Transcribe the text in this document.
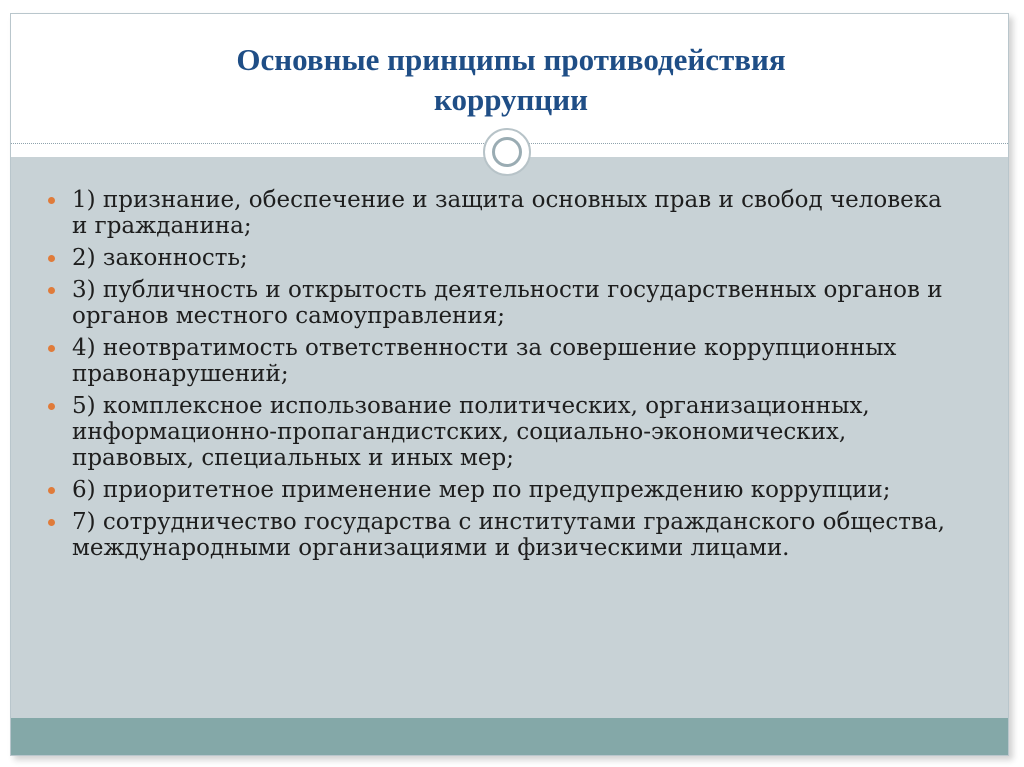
Основные принципы противодействия
коррупции
1) признание, обеспечение и защита основных прав и свобод человека и гражданина;
2) законность;
3) публичность и открытость деятельности государственных органов и органов местного самоуправления;
4) неотвратимость ответственности за совершение коррупционных правонарушений;
5) комплексное использование политических, организационных, информационно-пропагандистских, социально-экономических, правовых, специальных и иных мер;
6) приоритетное применение мер по предупреждению коррупции;
7) сотрудничество государства с институтами гражданского общества, международными организациями и физическими лицами.
